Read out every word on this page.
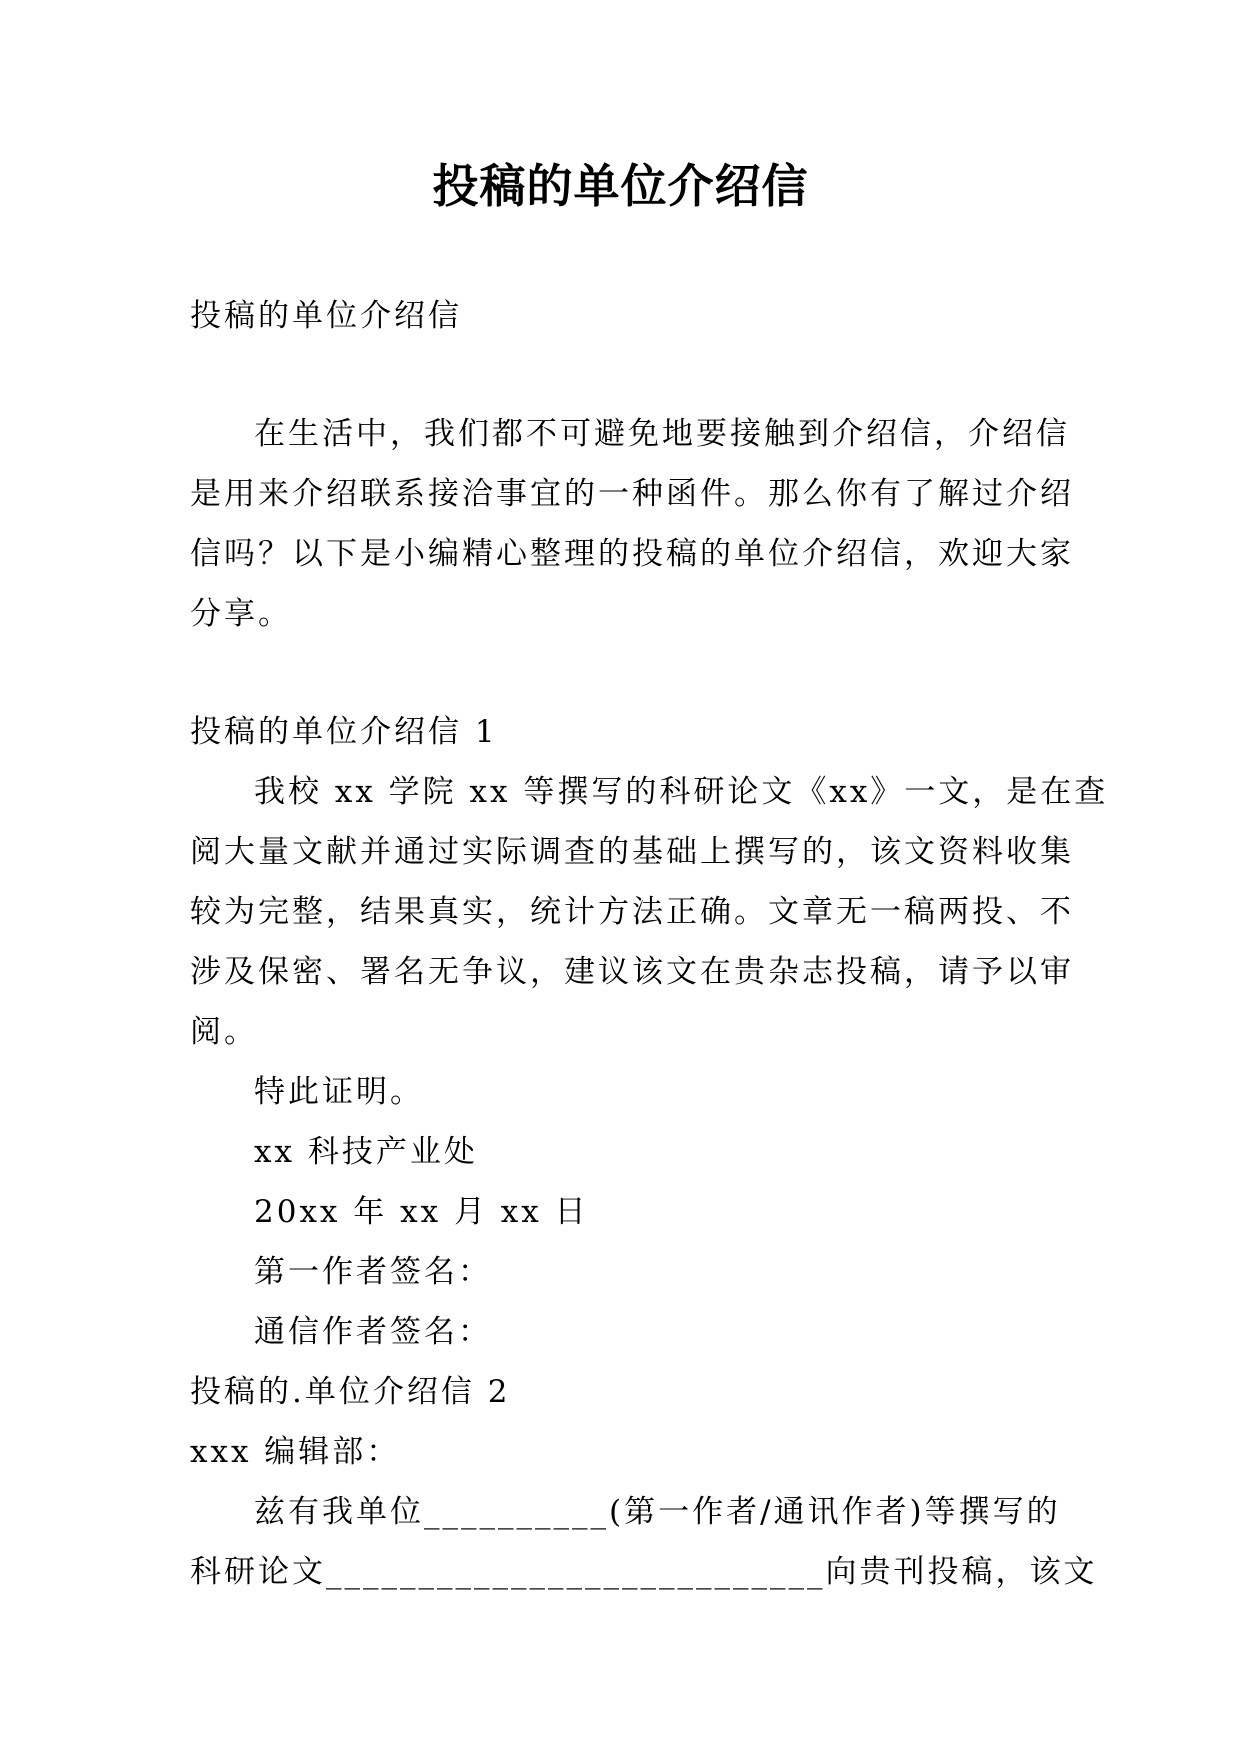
投稿的单位介绍信
投稿的单位介绍信
在生活中，我们都不可避免地要接触到介绍信，介绍信
是用来介绍联系接洽事宜的一种函件。那么你有了解过介绍
信吗？以下是小编精心整理的投稿的单位介绍信，欢迎大家
分享。
投稿的单位介绍信 1
我校 xx 学院 xx 等撰写的科研论文《xx》一文，是在查
阅大量文献并通过实际调查的基础上撰写的，该文资料收集
较为完整，结果真实，统计方法正确。文章无一稿两投、不
涉及保密、署名无争议，建议该文在贵杂志投稿，请予以审
阅。
特此证明。
xx 科技产业处
20xx 年 xx 月 xx 日
第一作者签名：
通信作者签名：
投稿的.单位介绍信 2
xxx 编辑部：
兹有我单位__________(第一作者/通讯作者)等撰写的
科研论文___________________________向贵刊投稿，该文
